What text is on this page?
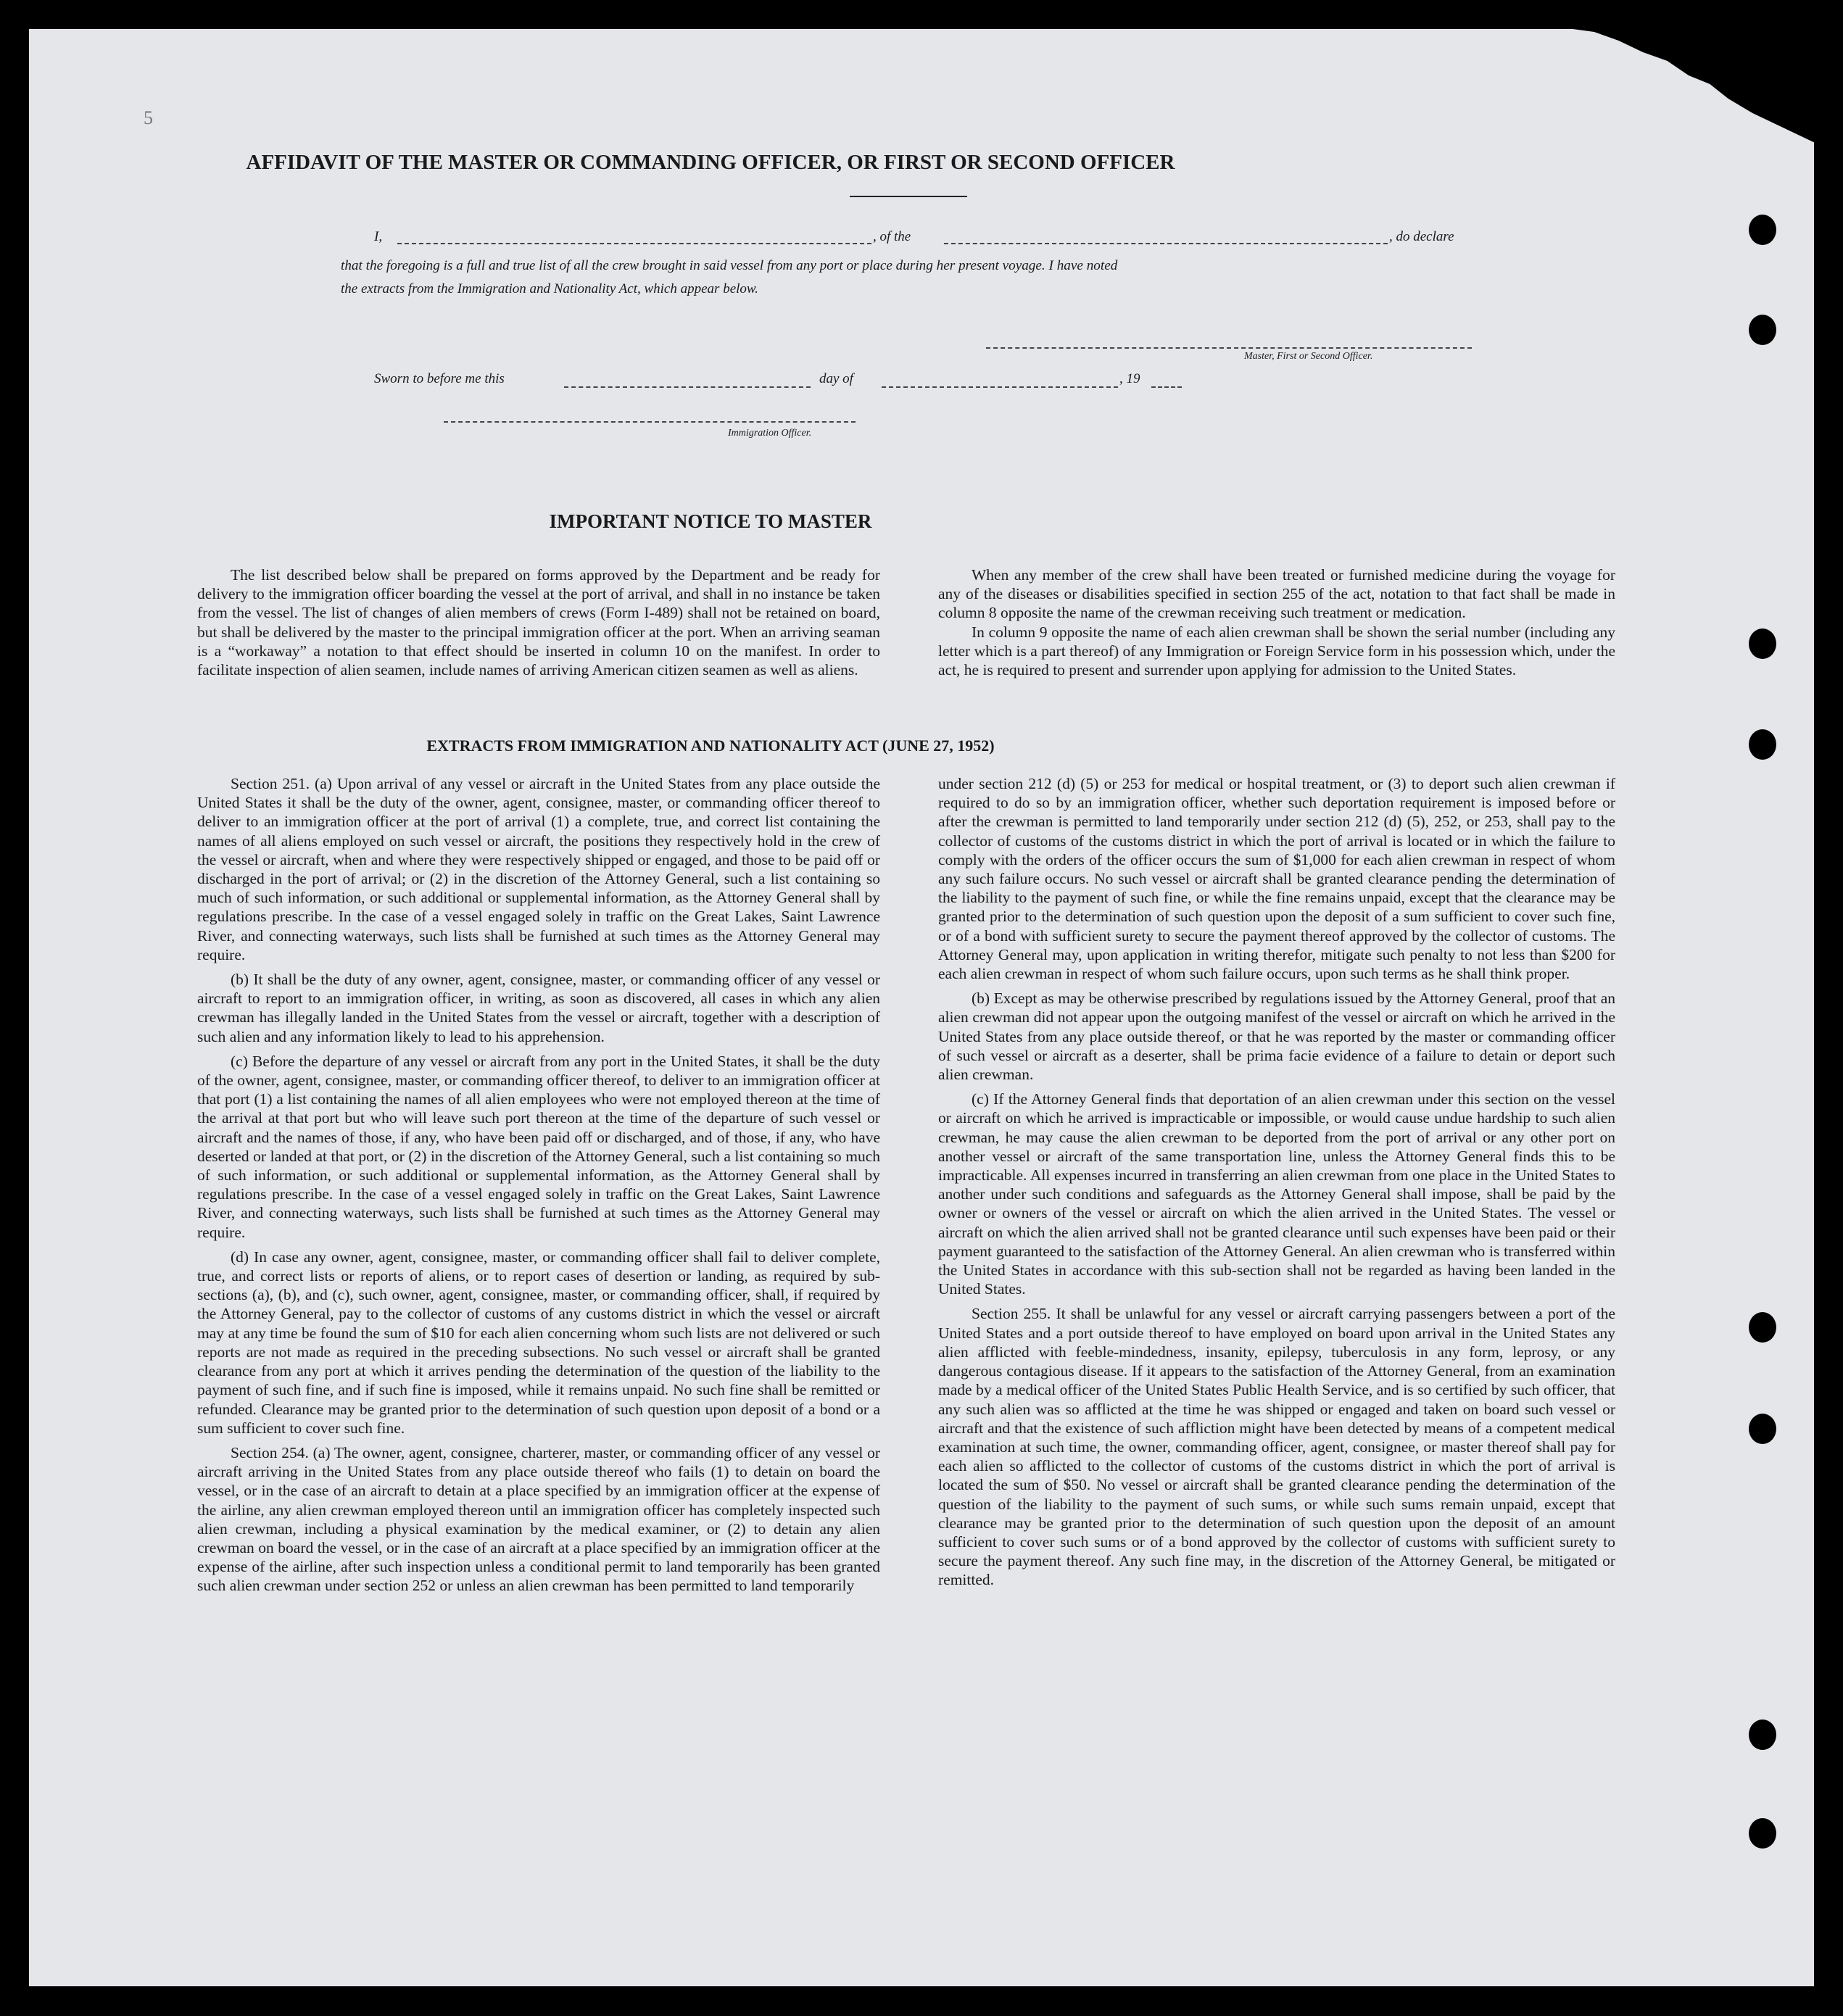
5
AFFIDAVIT OF THE MASTER OR COMMANDING OFFICER, OR FIRST OR SECOND OFFICER
I,	, of the	, do declare
that the foregoing is a full and true list of all the crew brought in said vessel from any port or place during her present voyage. I have noted
the extracts from the Immigration and Nationality Act, which appear below.
Master, First or Second Officer.
Sworn to before me this	day of	, 19
Immigration Officer.
IMPORTANT NOTICE TO MASTER

The list described below shall be prepared on forms approved by the Department and be ready for delivery to the immigration officer boarding the vessel at the port of arrival, and shall in no instance be taken from the vessel. The list of changes of alien members of crews (Form I-489) shall not be retained on board, but shall be delivered by the master to the principal immigration officer at the port. When an arriving seaman is a “workaway” a notation to that effect should be inserted in column 10 on the manifest. In order to facilitate inspection of alien seamen, include names of arriving American citizen seamen as well as aliens.

When any member of the crew shall have been treated or furnished medicine during the voyage for any of the diseases or disabilities specified in section 255 of the act, notation to that fact shall be made in column 8 opposite the name of the crewman receiving such treatment or medication.

In column 9 opposite the name of each alien crewman shall be shown the serial number (including any letter which is a part thereof) of any Immigration or Foreign Service form in his possession which, under the act, he is required to present and surrender upon applying for admission to the United States.

EXTRACTS FROM IMMIGRATION AND NATIONALITY ACT (JUNE 27, 1952)

Section 251. (a) Upon arrival of any vessel or aircraft in the United States from any place outside the United States it shall be the duty of the owner, agent, consignee, master, or commanding officer thereof to deliver to an immigration officer at the port of arrival (1) a complete, true, and correct list containing the names of all aliens employed on such vessel or aircraft, the positions they respectively hold in the crew of the vessel or aircraft, when and where they were respectively shipped or engaged, and those to be paid off or discharged in the port of arrival; or (2) in the discretion of the Attorney General, such a list containing so much of such information, or such additional or supplemental information, as the Attorney General shall by regulations prescribe. In the case of a vessel engaged solely in traffic on the Great Lakes, Saint Lawrence River, and connecting waterways, such lists shall be furnished at such times as the Attorney General may require.

(b) It shall be the duty of any owner, agent, consignee, master, or commanding officer of any vessel or aircraft to report to an immigration officer, in writing, as soon as discovered, all cases in which any alien crewman has illegally landed in the United States from the vessel or aircraft, together with a description of such alien and any information likely to lead to his apprehension.

(c) Before the departure of any vessel or aircraft from any port in the United States, it shall be the duty of the owner, agent, consignee, master, or commanding officer thereof, to deliver to an immigration officer at that port (1) a list containing the names of all alien employees who were not employed thereon at the time of the arrival at that port but who will leave such port thereon at the time of the departure of such vessel or aircraft and the names of those, if any, who have been paid off or discharged, and of those, if any, who have deserted or landed at that port, or (2) in the discretion of the Attorney General, such a list containing so much of such information, or such additional or supplemental information, as the Attorney General shall by regulations prescribe. In the case of a vessel engaged solely in traffic on the Great Lakes, Saint Lawrence River, and connecting waterways, such lists shall be furnished at such times as the Attorney General may require.

(d) In case any owner, agent, consignee, master, or commanding officer shall fail to deliver complete, true, and correct lists or reports of aliens, or to report cases of desertion or landing, as required by sub-sections (a), (b), and (c), such owner, agent, consignee, master, or commanding officer, shall, if required by the Attorney General, pay to the collector of customs of any customs district in which the vessel or aircraft may at any time be found the sum of $10 for each alien concerning whom such lists are not delivered or such reports are not made as required in the preceding subsections. No such vessel or aircraft shall be granted clearance from any port at which it arrives pending the determination of the question of the liability to the payment of such fine, and if such fine is imposed, while it remains unpaid. No such fine shall be remitted or refunded. Clearance may be granted prior to the determination of such question upon deposit of a bond or a sum sufficient to cover such fine.

Section 254. (a) The owner, agent, consignee, charterer, master, or commanding officer of any vessel or aircraft arriving in the United States from any place outside thereof who fails (1) to detain on board the vessel, or in the case of an aircraft to detain at a place specified by an immigration officer at the expense of the airline, any alien crewman employed thereon until an immigration officer has completely inspected such alien crewman, including a physical examination by the medical examiner, or (2) to detain any alien crewman on board the vessel, or in the case of an aircraft at a place specified by an immigration officer at the expense of the airline, after such inspection unless a conditional permit to land temporarily has been granted such alien crewman under section 252 or unless an alien crewman has been permitted to land temporarily

under section 212 (d) (5) or 253 for medical or hospital treatment, or (3) to deport such alien crewman if required to do so by an immigration officer, whether such deportation requirement is imposed before or after the crewman is permitted to land temporarily under section 212 (d) (5), 252, or 253, shall pay to the collector of customs of the customs district in which the port of arrival is located or in which the failure to comply with the orders of the officer occurs the sum of $1,000 for each alien crewman in respect of whom any such failure occurs. No such vessel or aircraft shall be granted clearance pending the determination of the liability to the payment of such fine, or while the fine remains unpaid, except that the clearance may be granted prior to the determination of such question upon the deposit of a sum sufficient to cover such fine, or of a bond with sufficient surety to secure the payment thereof approved by the collector of customs. The Attorney General may, upon application in writing therefor, mitigate such penalty to not less than $200 for each alien crewman in respect of whom such failure occurs, upon such terms as he shall think proper.

(b) Except as may be otherwise prescribed by regulations issued by the Attorney General, proof that an alien crewman did not appear upon the outgoing manifest of the vessel or aircraft on which he arrived in the United States from any place outside thereof, or that he was reported by the master or commanding officer of such vessel or aircraft as a deserter, shall be prima facie evidence of a failure to detain or deport such alien crewman.

(c) If the Attorney General finds that deportation of an alien crewman under this section on the vessel or aircraft on which he arrived is impracticable or impossible, or would cause undue hardship to such alien crewman, he may cause the alien crewman to be deported from the port of arrival or any other port on another vessel or aircraft of the same transportation line, unless the Attorney General finds this to be impracticable. All expenses incurred in transferring an alien crewman from one place in the United States to another under such conditions and safeguards as the Attorney General shall impose, shall be paid by the owner or owners of the vessel or aircraft on which the alien arrived in the United States. The vessel or aircraft on which the alien arrived shall not be granted clearance until such expenses have been paid or their payment guaranteed to the satisfaction of the Attorney General. An alien crewman who is transferred within the United States in accordance with this sub-section shall not be regarded as having been landed in the United States.

Section 255. It shall be unlawful for any vessel or aircraft carrying passengers between a port of the United States and a port outside thereof to have employed on board upon arrival in the United States any alien afflicted with feeble-mindedness, insanity, epilepsy, tuberculosis in any form, leprosy, or any dangerous contagious disease. If it appears to the satisfaction of the Attorney General, from an examination made by a medical officer of the United States Public Health Service, and is so certified by such officer, that any such alien was so afflicted at the time he was shipped or engaged and taken on board such vessel or aircraft and that the existence of such affliction might have been detected by means of a competent medical examination at such time, the owner, commanding officer, agent, consignee, or master thereof shall pay for each alien so afflicted to the collector of customs of the customs district in which the port of arrival is located the sum of $50. No vessel or aircraft shall be granted clearance pending the determination of the question of the liability to the payment of such sums, or while such sums remain unpaid, except that clearance may be granted prior to the determination of such question upon the deposit of an amount sufficient to cover such sums or of a bond approved by the collector of customs with sufficient surety to secure the payment thereof. Any such fine may, in the discretion of the Attorney General, be mitigated or remitted.
